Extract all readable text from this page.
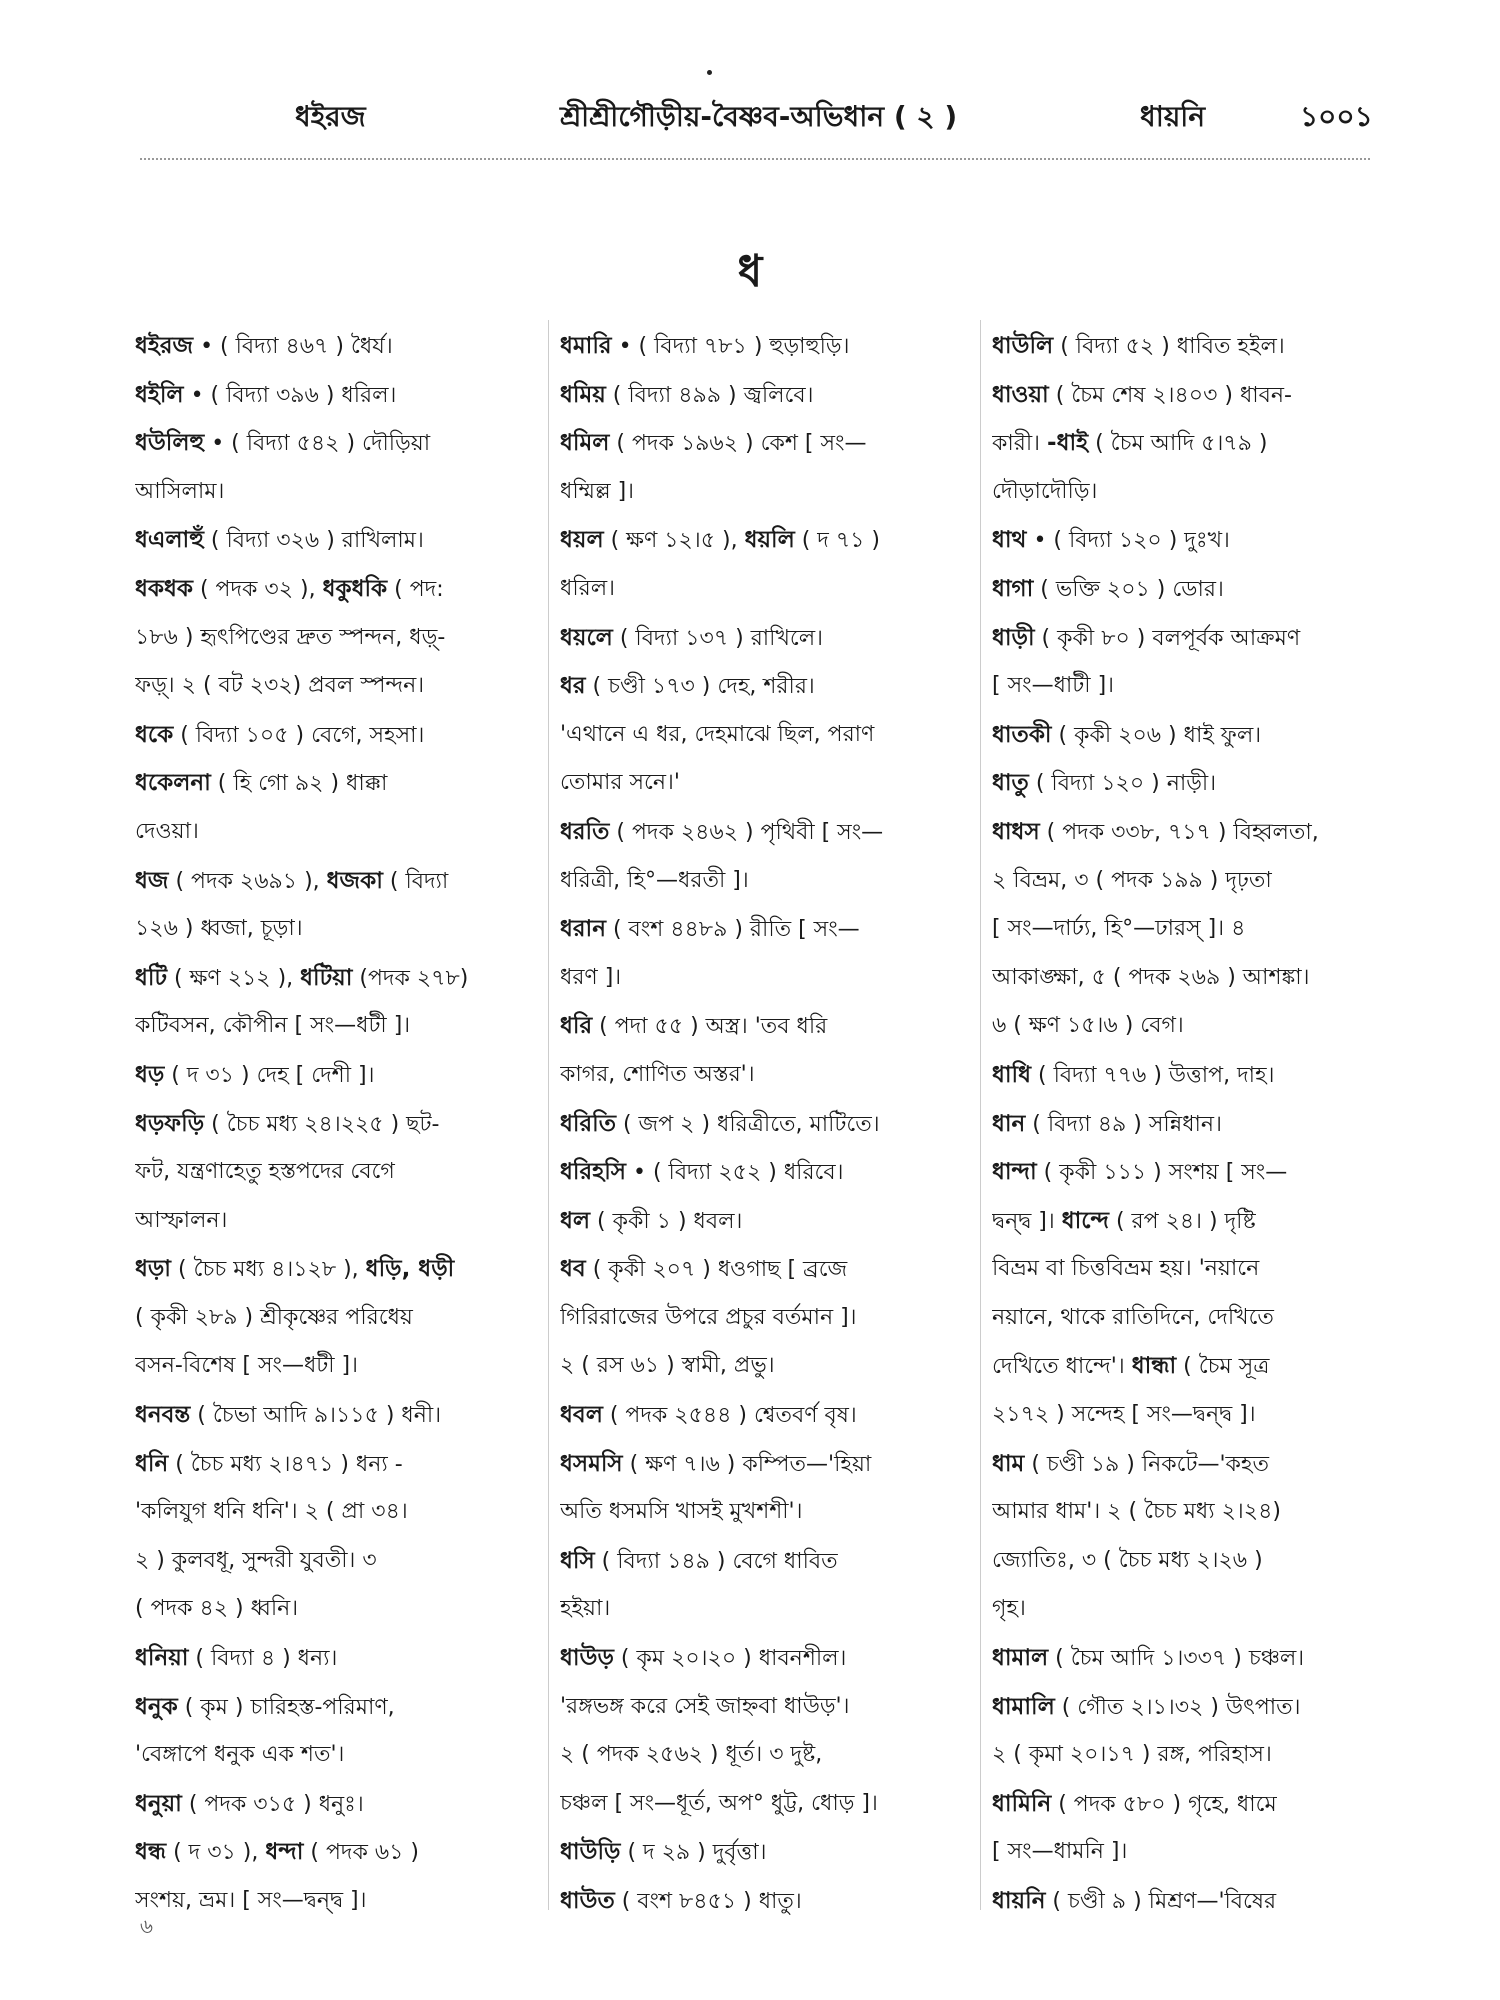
ধইরজ	শ্রীশ্রীগৌড়ীয়-বৈষ্ণব-অভিধান ( ২ )	ধায়নি	১০০১
ধ
ধইরজ • ( বিদ্যা ৪৬৭ ) ধৈর্য।
ধইলি • ( বিদ্যা ৩৯৬ ) ধরিল।
ধউলিহু • ( বিদ্যা ৫৪২ ) দৌড়িয়া
আসিলাম।
ধএলাহুঁ ( বিদ্যা ৩২৬ ) রাখিলাম।
ধকধক ( পদক ৩২ ), ধকুধকি ( পদ:
১৮৬ ) হৃৎপিণ্ডের দ্রুত স্পন্দন, ধড়্-
ফড়্। ২ ( বট ২৩২) প্রবল স্পন্দন।
ধকে ( বিদ্যা ১০৫ ) বেগে, সহসা।
ধকেলনা ( হি গো ৯২ ) ধাক্কা
দেওয়া।
ধজ ( পদক ২৬৯১ ), ধজকা ( বিদ্যা
১২৬ ) ধ্বজা, চূড়া।
ধটি ( ক্ষণ ২১২ ), ধটিয়া (পদক ২৭৮)
কটিবসন, কৌপীন [ সং—ধটী ]।
ধড় ( দ ৩১ ) দেহ [ দেশী ]।
ধড়ফড়ি ( চৈচ মধ্য ২৪।২২৫ ) ছট-
ফট, যন্ত্রণাহেতু হস্তপদের বেগে
আস্ফালন।
ধড়া ( চৈচ মধ্য ৪।১২৮ ), ধড়ি, ধড়ী
( কৃকী ২৮৯ ) শ্রীকৃষ্ণের পরিধেয়
বসন-বিশেষ [ সং—ধটী ]।
ধনবন্ত ( চৈভা আদি ৯।১১৫ ) ধনী।
ধনি ( চৈচ মধ্য ২।৪৭১ ) ধন্য -
'কলিযুগ ধনি ধনি'। ২ ( প্রা ৩৪।
২ ) কুলবধূ, সুন্দরী যুবতী। ৩
( পদক ৪২ ) ধ্বনি।
ধনিয়া ( বিদ্যা ৪ ) ধন্য।
ধনুক ( কৃম ) চারিহস্ত-পরিমাণ,
'বেঙ্গাপে ধনুক এক শত'।
ধনুয়া ( পদক ৩১৫ ) ধনুঃ।
ধন্ধ ( দ ৩১ ), ধন্দা ( পদক ৬১ )
সংশয়, ভ্রম। [ সং—দ্বন্দ্ব ]।
ধমারি • ( বিদ্যা ৭৮১ ) হুড়াহুড়ি।
ধমিয় ( বিদ্যা ৪৯৯ ) জ্বলিবে।
ধমিল ( পদক ১৯৬২ ) কেশ [ সং—
ধম্মিল্ল ]।
ধয়ল ( ক্ষণ ১২।৫ ), ধয়লি ( দ ৭১ )
ধরিল।
ধয়লে ( বিদ্যা ১৩৭ ) রাখিলে।
ধর ( চণ্ডী ১৭৩ ) দেহ, শরীর।
'এথানে এ ধর, দেহমাঝে ছিল, পরাণ
তোমার সনে।'
ধরতি ( পদক ২৪৬২ ) পৃথিবী [ সং—
ধরিত্রী, হি°—ধরতী ]।
ধরান ( বংশ ৪৪৮৯ ) রীতি [ সং—
ধরণ ]।
ধরি ( পদা ৫৫ ) অস্ত্র। 'তব ধরি
কাগর, শোণিত অস্তর'।
ধরিতি ( জপ ২ ) ধরিত্রীতে, মাটিতে।
ধরিহসি • ( বিদ্যা ২৫২ ) ধরিবে।
ধল ( কৃকী ১ ) ধবল।
ধব ( কৃকী ২০৭ ) ধওগাছ [ ব্রজে
গিরিরাজের উপরে প্রচুর বর্তমান ]।
২ ( রস ৬১ ) স্বামী, প্রভু।
ধবল ( পদক ২৫৪৪ ) শ্বেতবর্ণ বৃষ।
ধসমসি ( ক্ষণ ৭।৬ ) কম্পিত—'হিয়া
অতি ধসমসি খাসই মুখশশী'।
ধসি ( বিদ্যা ১৪৯ ) বেগে ধাবিত
হইয়া।
ধাউড় ( কৃম ২০।২০ ) ধাবনশীল।
'রঙ্গভঙ্গ করে সেই জাহ্নবা ধাউড়'।
২ ( পদক ২৫৬২ ) ধূর্ত। ৩ দুষ্ট,
চঞ্চল [ সং—ধূর্ত, অপ° ধুট্ট, ধোড় ]।
ধাউড়ি ( দ ২৯ ) দুর্বৃত্তা।
ধাউত ( বংশ ৮৪৫১ ) ধাতু।
ধাউলি ( বিদ্যা ৫২ ) ধাবিত হইল।
ধাওয়া ( চৈম শেষ ২।৪০৩ ) ধাবন-
কারী। -ধাই ( চৈম আদি ৫।৭৯ )
দৌড়াদৌড়ি।
ধাথ • ( বিদ্যা ১২০ ) দুঃখ।
ধাগা ( ভক্তি ২০১ ) ডোর।
ধাড়ী ( কৃকী ৮০ ) বলপূর্বক আক্রমণ
[ সং—ধাটী ]।
ধাতকী ( কৃকী ২০৬ ) ধাই ফুল।
ধাতু ( বিদ্যা ১২০ ) নাড়ী।
ধাধস ( পদক ৩৩৮, ৭১৭ ) বিহ্বলতা,
২ বিভ্রম, ৩ ( পদক ১৯৯ ) দৃঢ়তা
[ সং—দার্ঢ্য, হি°—ঢারস্ ]। ৪
আকাঙ্ক্ষা, ৫ ( পদক ২৬৯ ) আশঙ্কা।
৬ ( ক্ষণ ১৫।৬ ) বেগ।
ধাধি ( বিদ্যা ৭৭৬ ) উত্তাপ, দাহ।
ধান ( বিদ্যা ৪৯ ) সন্নিধান।
ধান্দা ( কৃকী ১১১ ) সংশয় [ সং—
দ্বন্দ্ব ]। ধান্দে ( রপ ২৪। ) দৃষ্টি
বিভ্রম বা চিত্তবিভ্রম হয়। 'নয়ানে
নয়ানে, থাকে রাতিদিনে, দেখিতে
দেখিতে ধান্দে'। ধান্ধা ( চৈম সূত্র
২১৭২ ) সন্দেহ [ সং—দ্বন্দ্ব ]।
ধাম ( চণ্ডী ১৯ ) নিকটে—'কহত
আমার ধাম'। ২ ( চৈচ মধ্য ২।২৪)
জ্যোতিঃ, ৩ ( চৈচ মধ্য ২।২৬ )
গৃহ।
ধামাল ( চৈম আদি ১।৩৩৭ ) চঞ্চল।
ধামালি ( গৌত ২।১।৩২ ) উৎপাত।
২ ( কৃমা ২০।১৭ ) রঙ্গ, পরিহাস।
ধামিনি ( পদক ৫৮০ ) গৃহে, ধামে
[ সং—ধামনি ]।
ধায়নি ( চণ্ডী ৯ ) মিশ্রণ—'বিষের
৬
